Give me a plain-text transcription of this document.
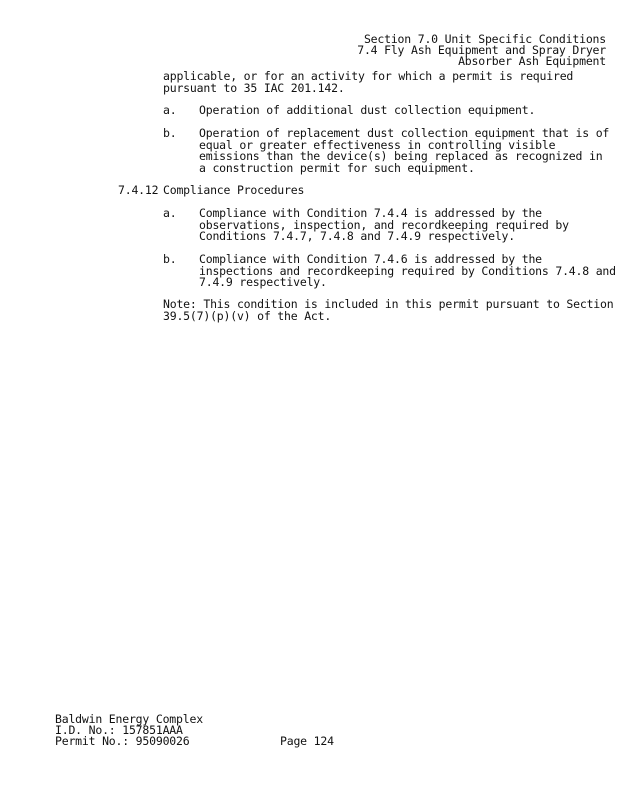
Section 7.0 Unit Specific Conditions
7.4 Fly Ash Equipment and Spray Dryer
Absorber Ash Equipment
applicable, or for an activity for which a permit is required
pursuant to 35 IAC 201.142.
a. Operation of additional dust collection equipment.
b. Operation of replacement dust collection equipment that is of
equal or greater effectiveness in controlling visible
emissions than the device(s) being replaced as recognized in
a construction permit for such equipment.
7.4.12 Compliance Procedures
a. Compliance with Condition 7.4.4 is addressed by the
observations, inspection, and recordkeeping required by
Conditions 7.4.7, 7.4.8 and 7.4.9 respectively.
b. Compliance with Condition 7.4.6 is addressed by the
inspections and recordkeeping required by Conditions 7.4.8 and
7.4.9 respectively.
Note: This condition is included in this permit pursuant to Section
39.5(7)(p)(v) of the Act.
Baldwin Energy Complex
I.D. No.: 157851AAA
Permit No.: 95090026	Page 124
